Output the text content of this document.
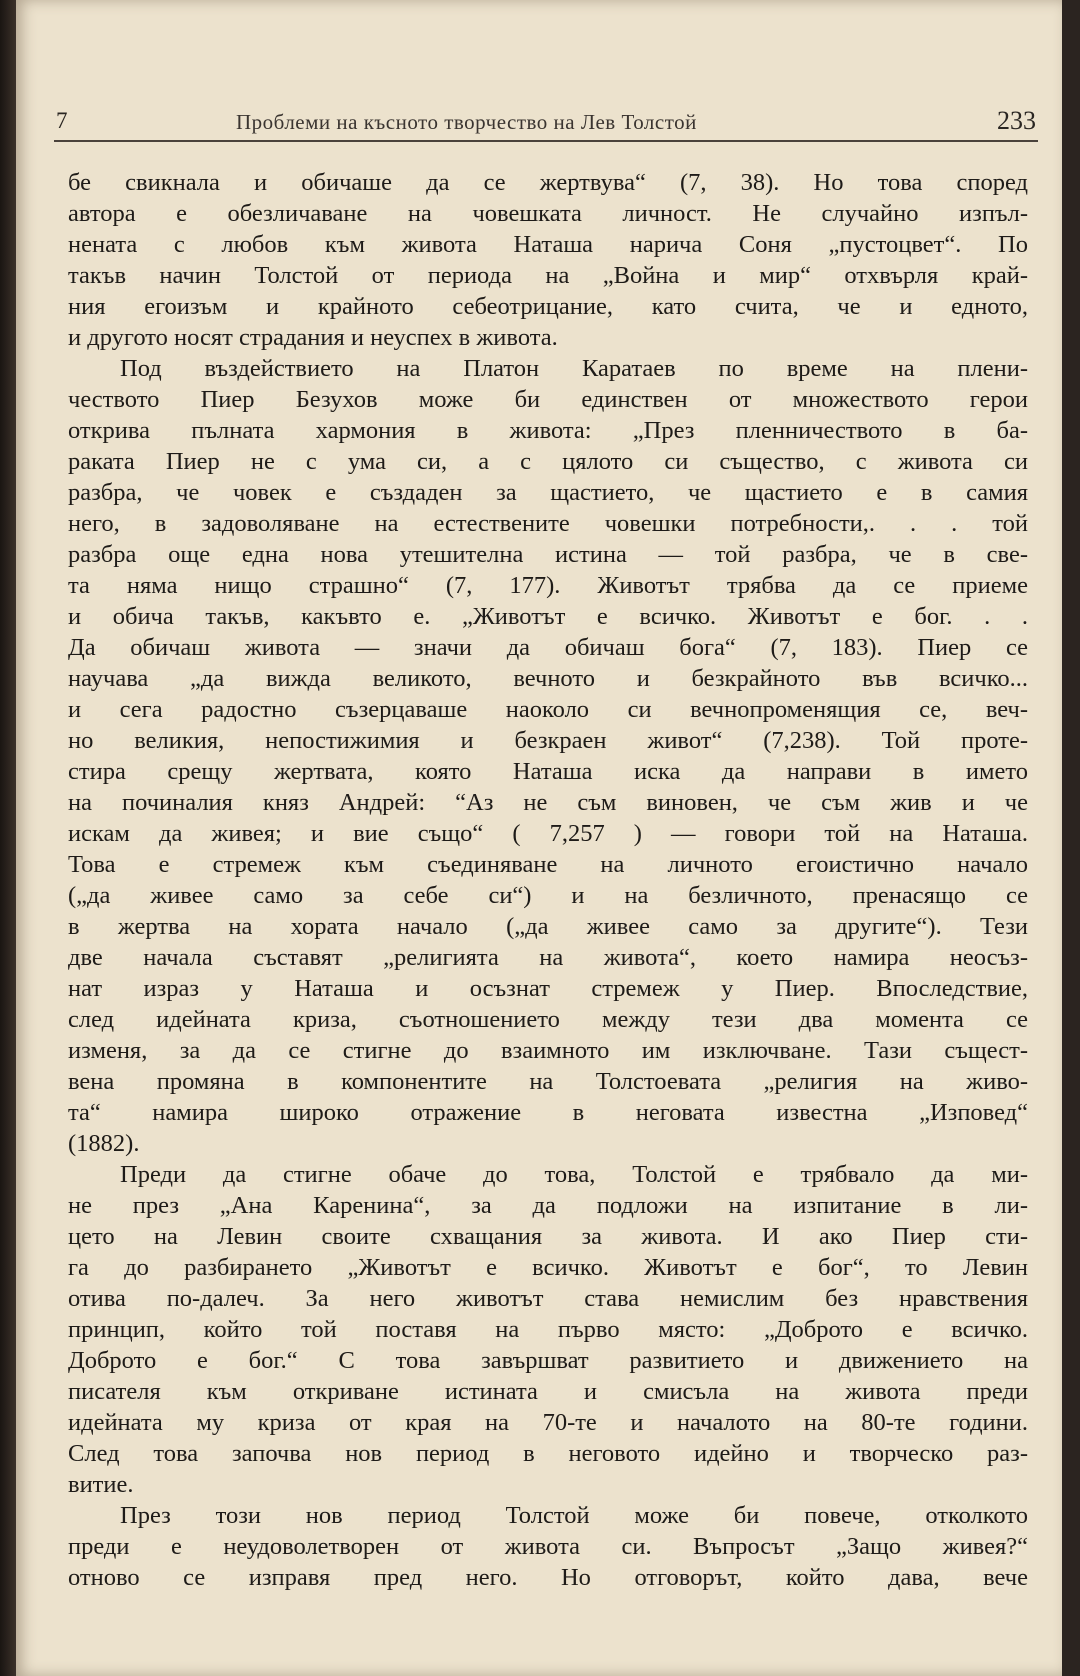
7	Проблеми на късното творчество на Лев Толстой	233
бе свикнала и обичаше да се жертвува“ (7, 38). Но това според
автора е обезличаване на човешката личност. Не случайно изпъл-
нената с любов към живота Наташа нарича Соня „пустоцвет“. По
такъв начин Толстой от периода на „Война и мир“ отхвърля край-
ния егоизъм и крайното себеотрицание, като счита, че и едното,
и другото носят страдания и неуспех в живота.
Под въздействието на Платон Каратаев по време на плени-
чеството Пиер Безухов може би единствен от множеството герои
открива пълната хармония в живота: „През пленничеството в ба-
раката Пиер не с ума си, а с цялото си същество, с живота си
разбра, че човек е създаден за щастието, че щастието е в самия
него, в задоволяване на естествените човешки потребности,. . . той
разбра още една нова утешителна истина — той разбра, че в све-
та няма нищо страшно“ (7, 177). Животът трябва да се приеме
и обича такъв, какъвто е. „Животът е всичко. Животът е бог. . .
Да обичаш живота — значи да обичаш бога“ (7, 183). Пиер се
научава „да вижда великото, вечното и безкрайното във всичко...
и сега радостно съзерцаваше наоколо си вечнопроменящия се, веч-
но великия, непостижимия и безкраен живот“ (7,238). Той проте-
стира срещу жертвата, която Наташа иска да направи в името
на починалия княз Андрей: “Аз не съм виновен, че съм жив и че
искам да живея; и вие също“ ( 7,257 ) — говори той на Наташа.
Това е стремеж към съединяване на личното егоистично начало
(„да живее само за себе си“) и на безличното, пренасящо се
в жертва на хората начало („да живее само за другите“). Тези
две начала съставят „религията на живота“, което намира неосъз-
нат израз у Наташа и осъзнат стремеж у Пиер. Впоследствие,
след идейната криза, съотношението между тези два момента се
изменя, за да се стигне до взаимното им изключване. Тази същест-
вена промяна в компонентите на Толстоевата „религия на живо-
та“ намира широко отражение в неговата известна „Изповед“
(1882).
Преди да стигне обаче до това, Толстой е трябвало да ми-
не през „Ана Каренина“, за да подложи на изпитание в ли-
цето на Левин своите схващания за живота. И ако Пиер сти-
га до разбирането „Животът е всичко. Животът е бог“, то Левин
отива по-далеч. За него животът става немислим без нравствения
принцип, който той поставя на първо място: „Доброто е всичко.
Доброто е бог.“ С това завършват развитието и движението на
писателя към откриване истината и смисъла на живота преди
идейната му криза от края на 70-те и началото на 80-те години.
След това започва нов период в неговото идейно и творческо раз-
витие.
През този нов период Толстой може би повече, отколкото
преди е неудоволетворен от живота си. Въпросът „Защо живея?“
отново се изправя пред него. Но отговорът, който дава, вече
